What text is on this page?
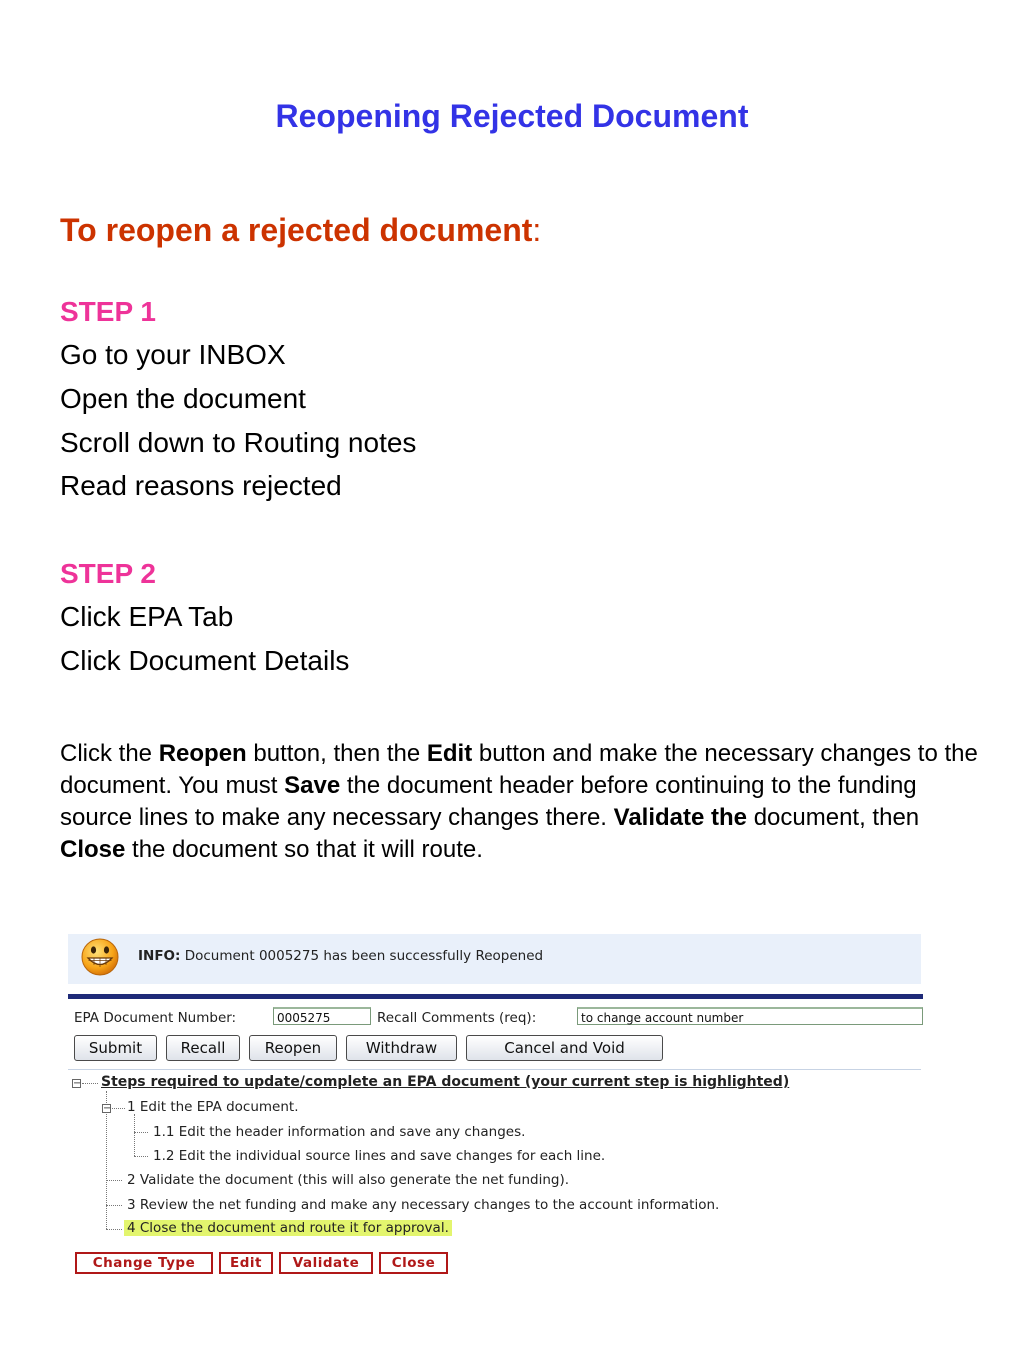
Reopening Rejected Document
To reopen a rejected document:
STEP 1
Go to your INBOX
Open the document
Scroll down to Routing notes
Read reasons rejected
STEP 2
Click EPA Tab
Click Document Details
Click the Reopen button, then the Edit button and make the necessary changes to the document. You must Save the document header before continuing to the funding source lines to make any necessary changes there. Validate the document, then Close the document so that it will route.
INFO: Document 0005275 has been successfully Reopened
EPA Document Number:	0005275	Recall Comments (req):	to change account number
Submit	Recall	Reopen	Withdraw	Cancel and Void
− Steps required to update/complete an EPA document (your current step is highlighted)
− 1 Edit the EPA document.
1.1 Edit the header information and save any changes.
1.2 Edit the individual source lines and save changes for each line.
2 Validate the document (this will also generate the net funding).
3 Review the net funding and make any necessary changes to the account information.
4 Close the document and route it for approval.
Change Type	Edit	Validate	Close
